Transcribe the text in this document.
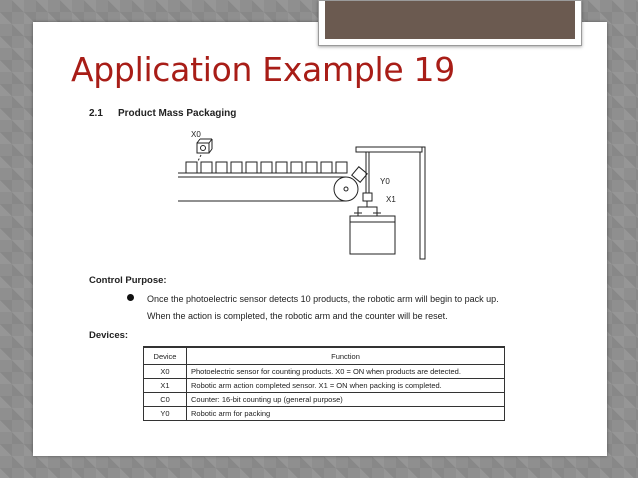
Application Example 19
2.1 Product Mass Packaging
X0
Y0
X1
Control Purpose:
Once the photoelectric sensor detects 10 products, the robotic arm will begin to pack up.
When the action is completed, the robotic arm and the counter will be reset.
Devices:
Device	Function
X0	Photoelectric sensor for counting products. X0 = ON when products are detected.
X1	Robotic arm action completed sensor. X1 = ON when packing is completed.
C0	Counter: 16-bit counting up (general purpose)
Y0	Robotic arm for packing
